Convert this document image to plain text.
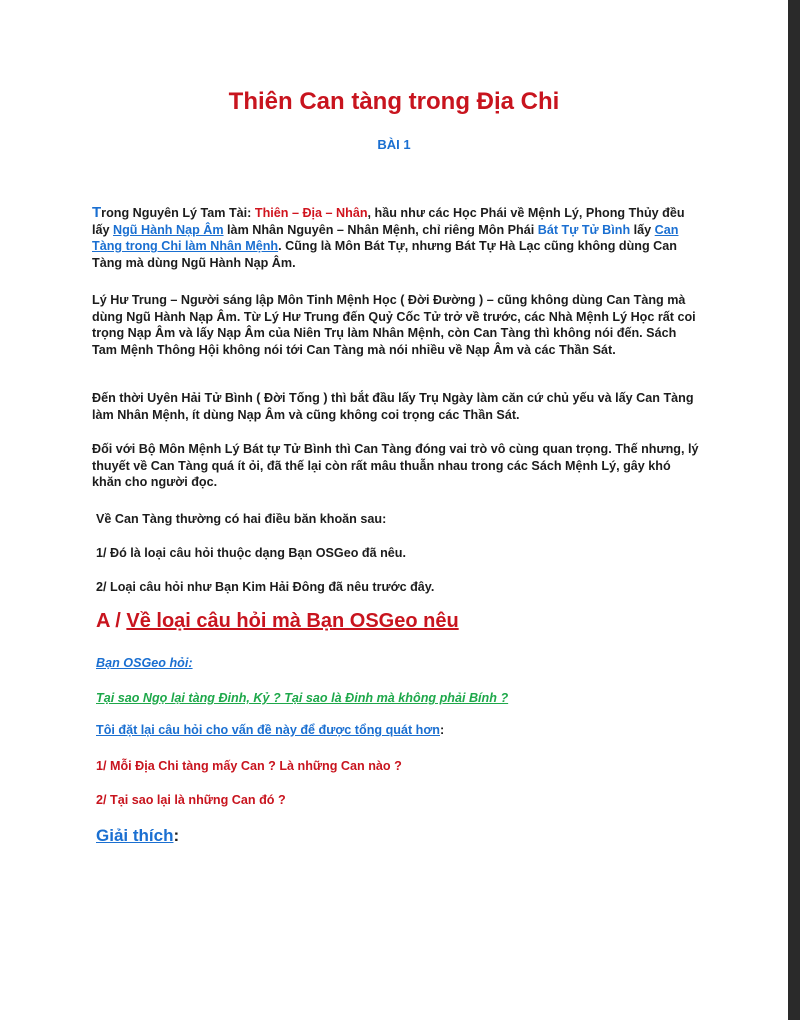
Thiên Can tàng trong Địa Chi
BÀI 1

Trong Nguyên Lý Tam Tài: Thiên – Địa – Nhân, hầu như các Học Phái về Mệnh Lý, Phong Thủy đều lấy Ngũ Hành Nạp Âm làm Nhân Nguyên – Nhân Mệnh, chỉ riêng Môn Phái Bát Tự Tử Bình lấy Can Tàng trong Chi làm Nhân Mệnh. Cũng là Môn Bát Tự, nhưng Bát Tự Hà Lạc cũng không dùng Can Tàng mà dùng Ngũ Hành Nạp Âm.

Lý Hư Trung – Người sáng lập Môn Tinh Mệnh Học ( Đời Đường ) – cũng không dùng Can Tàng mà dùng Ngũ Hành Nạp Âm. Từ Lý Hư Trung đến Quỷ Cốc Tử trở về trước, các Nhà Mệnh Lý Học rất coi trọng Nạp Âm và lấy Nạp Âm của Niên Trụ làm Nhân Mệnh, còn Can Tàng thì không nói đến. Sách Tam Mệnh Thông Hội không nói tới Can Tàng mà nói nhiều về Nạp Âm và các Thần Sát.

Đến thời Uyên Hải Tử Bình ( Đời Tống ) thì bắt đầu lấy Trụ Ngày làm căn cứ chủ yếu và lấy Can Tàng làm Nhân Mệnh, ít dùng Nạp Âm và cũng không coi trọng các Thần Sát.

Đối với Bộ Môn Mệnh Lý Bát tự Tử Bình thì Can Tàng đóng vai trò vô cùng quan trọng. Thế nhưng, lý thuyết về Can Tàng quá ít ỏi, đã thế lại còn rất mâu thuẫn nhau trong các Sách Mệnh Lý, gây khó khăn cho người đọc.

Về Can Tàng thường có hai điều băn khoăn sau:
1/ Đó là loại câu hỏi thuộc dạng Bạn OSGeo đã nêu.
2/ Loại câu hỏi như Bạn Kim Hải Đông đã nêu trước đây.
A / Về loại câu hỏi mà Bạn OSGeo nêu
Bạn OSGeo hỏi:
Tại sao Ngọ lại tàng Đinh, Kỷ ? Tại sao là Đinh mà không phải Bính ?
Tôi đặt lại câu hỏi cho vấn đề này để được tổng quát hơn:
1/ Mỗi Địa Chi tàng mấy Can ? Là những Can nào ?
2/ Tại sao lại là những Can đó ?
Giải thích:
